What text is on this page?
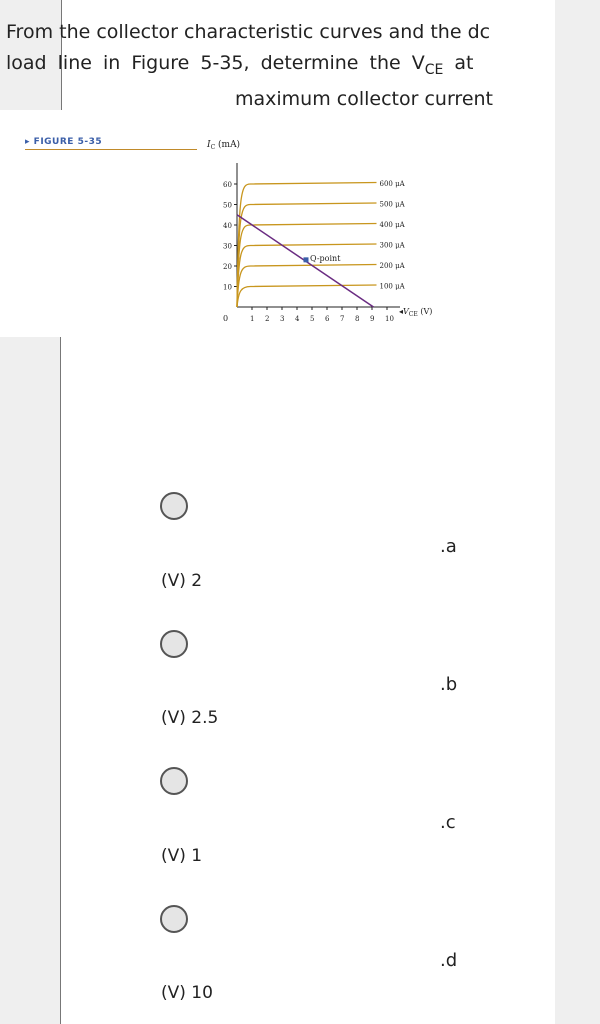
From the collector characteristic curves and the dc
load line in Figure 5-35, determine the $V_{CE}$ at
maximum collector current
▸ FIGURE 5-35	$I_C$ (mA)
60
50
40
30
20
10
1 2 3 4 5 6 7 8 9 10
600 μA
500 μA
400 μA
300 μA
200 μA
100 μA
Q-point
$◂V_{CE}$ (V)
0
.a
(V) 2
.b
(V) 2.5
.c
(V) 1
.d
(V) 10
